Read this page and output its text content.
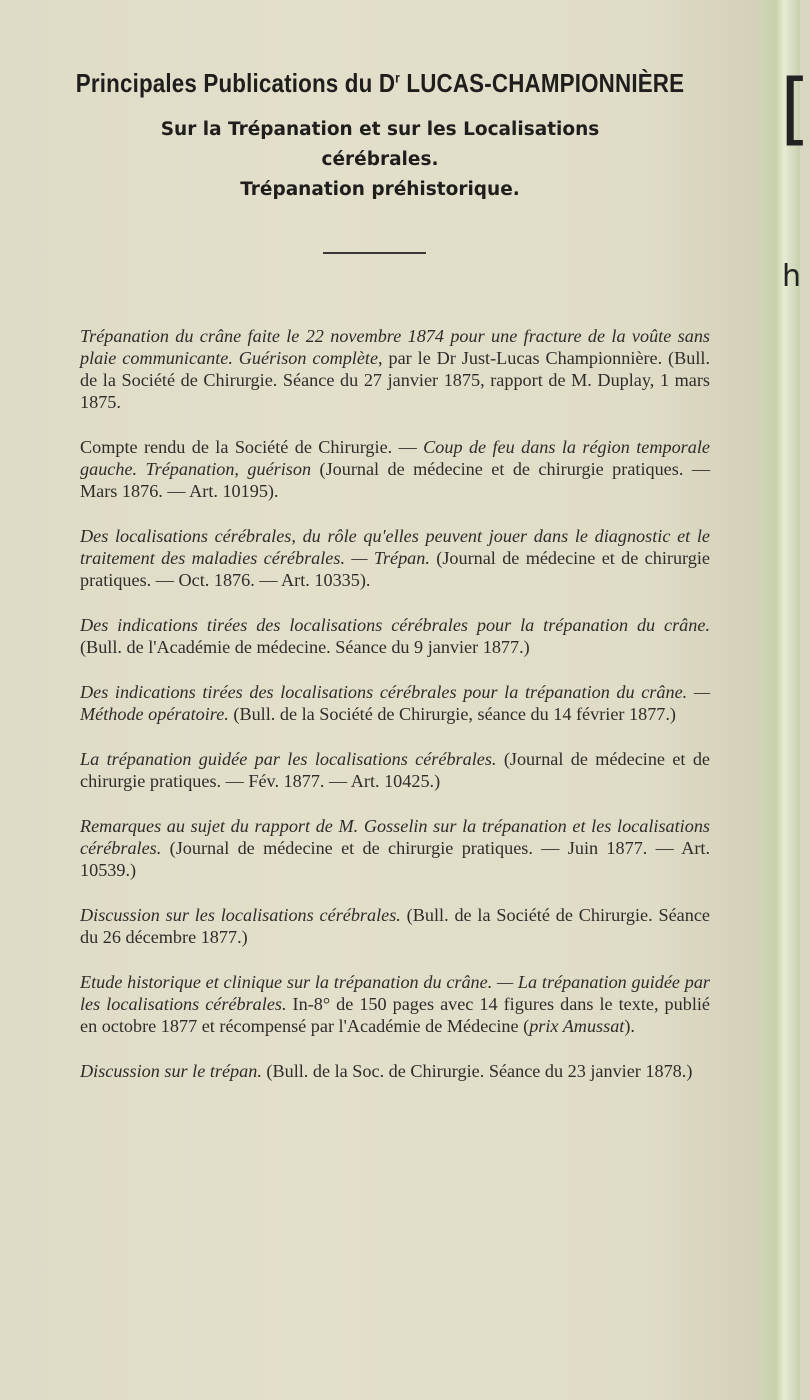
[
h

Principales Publications du $D^r$ LUCAS-CHAMPIONNIÈRE

Sur la Trépanation et sur les Localisations
cérébrales.
Trépanation préhistorique.

Trépanation du crâne faite le 22 novembre 1874 pour une fracture de la voûte sans plaie communicante. Guérison complète, par le Dr Just-Lucas Championnière. (Bull. de la Société de Chirurgie. Séance du 27 janvier 1875, rapport de M. Duplay, 1 mars 1875.

Compte rendu de la Société de Chirurgie. — Coup de feu dans la région temporale gauche. Trépanation, guérison (Journal de médecine et de chirurgie pratiques. — Mars 1876. — Art. 10195).

Des localisations cérébrales, du rôle qu'elles peuvent jouer dans le diagnostic et le traitement des maladies cérébrales. — Trépan. (Journal de médecine et de chirurgie pratiques. — Oct. 1876. — Art. 10335).

Des indications tirées des localisations cérébrales pour la trépanation du crâne. (Bull. de l'Académie de médecine. Séance du 9 janvier 1877.)

Des indications tirées des localisations cérébrales pour la trépanation du crâne. — Méthode opératoire. (Bull. de la Société de Chirurgie, séance du 14 février 1877.)

La trépanation guidée par les localisations cérébrales. (Journal de médecine et de chirurgie pratiques. — Fév. 1877. — Art. 10425.)

Remarques au sujet du rapport de M. Gosselin sur la trépanation et les localisations cérébrales. (Journal de médecine et de chirurgie pratiques. — Juin 1877. — Art. 10539.)

Discussion sur les localisations cérébrales. (Bull. de la Société de Chirurgie. Séance du 26 décembre 1877.)

Etude historique et clinique sur la trépanation du crâne. — La trépanation guidée par les localisations cérébrales. In-8° de 150 pages avec 14 figures dans le texte, publié en octobre 1877 et récompensé par l'Académie de Médecine (prix Amussat).

Discussion sur le trépan. (Bull. de la Soc. de Chirurgie. Séance du 23 janvier 1878.)
